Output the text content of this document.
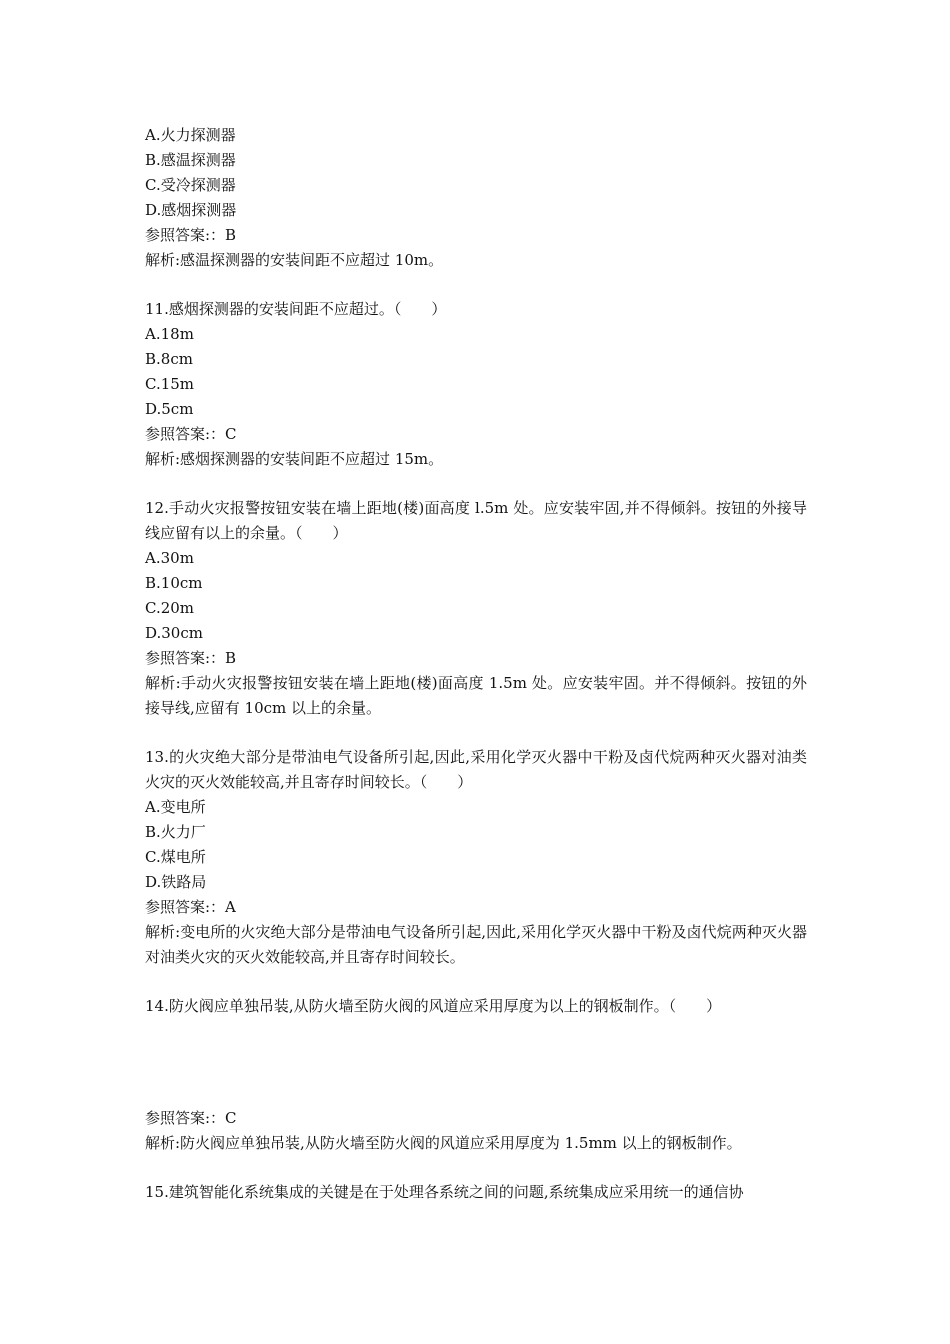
A.火力探测器
B.感温探测器
C.受冷探测器
D.感烟探测器
参照答案:：B
解析:感温探测器的安装间距不应超过 10m。
11.感烟探测器的安装间距不应超过。（　　）
A.18m
B.8cm
C.15m
D.5cm
参照答案:：C
解析:感烟探测器的安装间距不应超过 15m。
12.手动火灾报警按钮安装在墙上距地(楼)面高度 l.5m 处。应安装牢固,并不得倾斜。按钮的外接导线应留有以上的余量。（　　）
A.30m
B.10cm
C.20m
D.30cm
参照答案:：B
解析:手动火灾报警按钮安装在墙上距地(楼)面高度 1.5m 处。应安装牢固。并不得倾斜。按钮的外接导线,应留有 10cm 以上的余量。
13.的火灾绝大部分是带油电气设备所引起,因此,采用化学灭火器中干粉及卤代烷两种灭火器对油类火灾的灭火效能较高,并且寄存时间较长。（　　）
A.变电所
B.火力厂
C.煤电所
D.铁路局
参照答案:：A
解析:变电所的火灾绝大部分是带油电气设备所引起,因此,采用化学灭火器中干粉及卤代烷两种灭火器对油类火灾的灭火效能较高,并且寄存时间较长。
14.防火阀应单独吊装,从防火墙至防火阀的风道应采用厚度为以上的钢板制作。（　　）
参照答案:：C
解析:防火阀应单独吊装,从防火墙至防火阀的风道应采用厚度为 1.5mm 以上的钢板制作。
15.建筑智能化系统集成的关键是在于处理各系统之间的问题,系统集成应采用统一的通信协
